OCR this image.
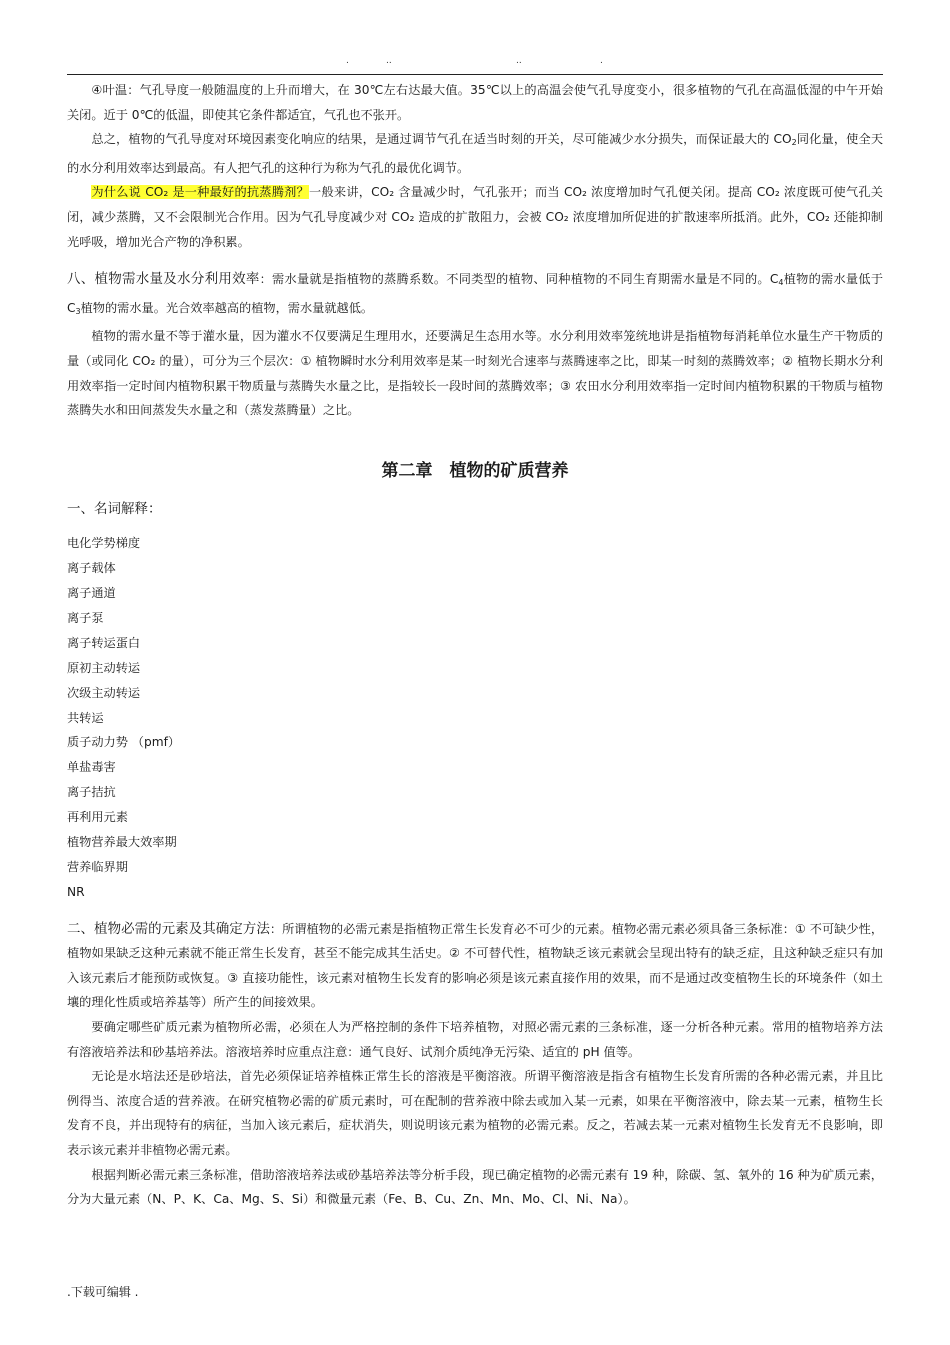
.	..	..	.

④叶温：气孔导度一般随温度的上升而增大，在 30℃左右达最大值。35℃以上的高温会使气孔导度变小，很多植物的气孔在高温低湿的中午开始关闭。近于 0℃的低温，即使其它条件都适宜，气孔也不张开。

总之，植物的气孔导度对环境因素变化响应的结果，是通过调节气孔在适当时刻的开关，尽可能减少水分损失，而保证最大的 $CO_2$同化量，使全天的水分利用效率达到最高。有人把气孔的这种行为称为气孔的最优化调节。

为什么说 CO₂ 是一种最好的抗蒸腾剂？一般来讲，CO₂ 含量减少时，气孔张开；而当 CO₂ 浓度增加时气孔便关闭。提高 CO₂ 浓度既可使气孔关闭，减少蒸腾，又不会限制光合作用。因为气孔导度减少对 CO₂ 造成的扩散阻力，会被 CO₂ 浓度增加所促进的扩散速率所抵消。此外，CO₂ 还能抑制光呼吸，增加光合产物的净积累。

八、植物需水量及水分利用效率：需水量就是指植物的蒸腾系数。不同类型的植物、同种植物的不同生育期需水量是不同的。$C_4$植物的需水量低于 $C_3$植物的需水量。光合效率越高的植物，需水量就越低。

植物的需水量不等于灌水量，因为灌水不仅要满足生理用水，还要满足生态用水等。水分利用效率笼统地讲是指植物每消耗单位水量生产干物质的量（或同化 CO₂ 的量），可分为三个层次：① 植物瞬时水分利用效率是某一时刻光合速率与蒸腾速率之比，即某一时刻的蒸腾效率；② 植物长期水分利用效率指一定时间内植物积累干物质量与蒸腾失水量之比，是指较长一段时间的蒸腾效率；③ 农田水分利用效率指一定时间内植物积累的干物质与植物蒸腾失水和田间蒸发失水量之和（蒸发蒸腾量）之比。

第二章　植物的矿质营养

一、名词解释：

电化学势梯度
离子载体
离子通道
离子泵
离子转运蛋白
原初主动转运
次级主动转运
共转运
质子动力势 （pmf）
单盐毒害
离子拮抗
再利用元素
植物营养最大效率期
营养临界期
NR

二、植物必需的元素及其确定方法：所谓植物的必需元素是指植物正常生长发育必不可少的元素。植物必需元素必须具备三条标准：① 不可缺少性，植物如果缺乏这种元素就不能正常生长发育，甚至不能完成其生活史。② 不可替代性，植物缺乏该元素就会呈现出特有的缺乏症，且这种缺乏症只有加入该元素后才能预防或恢复。③ 直接功能性，该元素对植物生长发育的影响必须是该元素直接作用的效果，而不是通过改变植物生长的环境条件（如土壤的理化性质或培养基等）所产生的间接效果。

要确定哪些矿质元素为植物所必需，必须在人为严格控制的条件下培养植物，对照必需元素的三条标准，逐一分析各种元素。常用的植物培养方法有溶液培养法和砂基培养法。溶液培养时应重点注意：通气良好、试剂介质纯净无污染、适宜的 pH 值等。

无论是水培法还是砂培法，首先必须保证培养植株正常生长的溶液是平衡溶液。所谓平衡溶液是指含有植物生长发育所需的各种必需元素，并且比例得当、浓度合适的营养液。在研究植物必需的矿质元素时，可在配制的营养液中除去或加入某一元素，如果在平衡溶液中，除去某一元素，植物生长发育不良，并出现特有的病征，当加入该元素后，症状消失，则说明该元素为植物的必需元素。反之，若减去某一元素对植物生长发育无不良影响，即表示该元素并非植物必需元素。

根据判断必需元素三条标准，借助溶液培养法或砂基培养法等分析手段，现已确定植物的必需元素有 19 种，除碳、氢、氧外的 16 种为矿质元素，分为大量元素（N、P、K、Ca、Mg、S、Si）和微量元素（Fe、B、Cu、Zn、Mn、Mo、Cl、Ni、Na）。

.下载可编辑 .
